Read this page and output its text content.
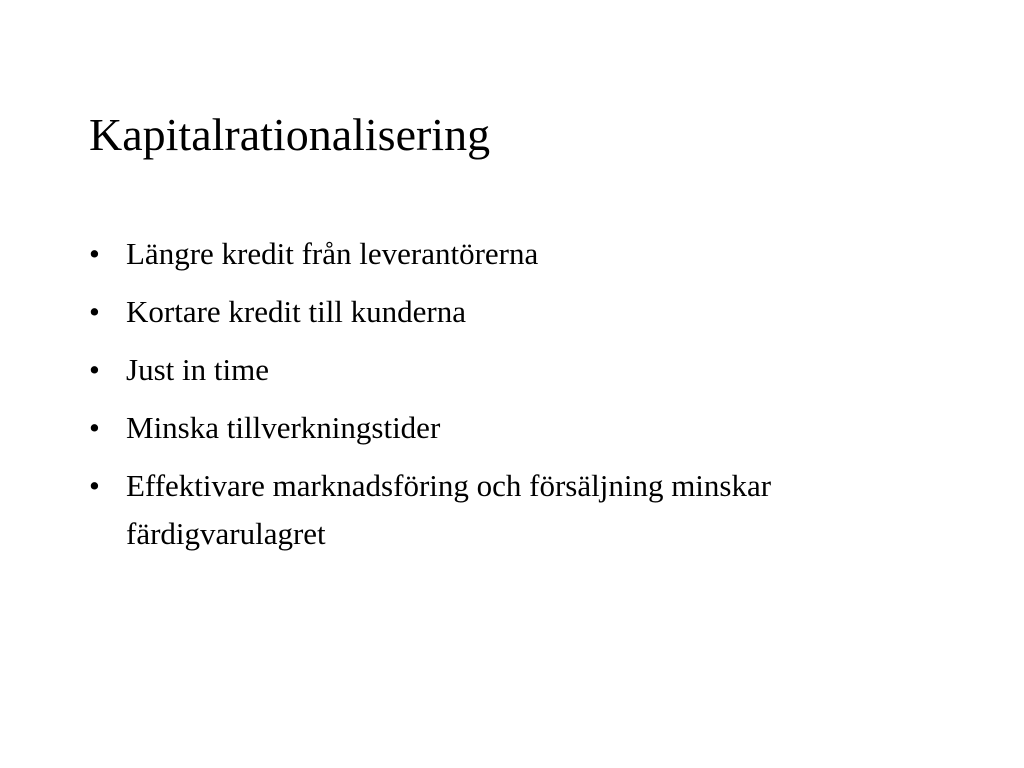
Kapitalrationalisering
• Längre kredit från leverantörerna
• Kortare kredit till kunderna
• Just in time
• Minska tillverkningstider
• Effektivare marknadsföring och försäljning minskar färdigvarulagret
